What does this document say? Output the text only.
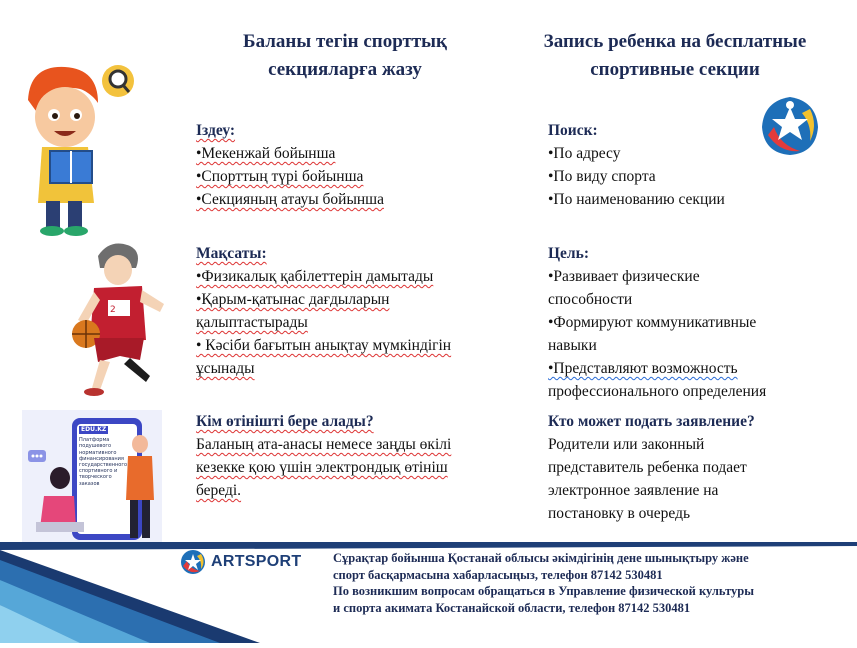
Баланы тегін спорттық
секцияларға жазу
Запись ребенка на бесплатные
спортивные секции
2
EDU.KZ
Платформа
подушевого
нормативного
финансирования
государственного
спортивного и
творческого
заказов
Іздеу:
•Мекенжай бойынша
•Спорттың түрі бойынша
•Секцияның атауы бойынша
Поиск:
•По адресу
•По виду спорта
•По наименованию секции
Мақсаты:
•Физикалық қабілеттерін дамытады
•Қарым-қатынас дағдыларын
қалыптастырады
• Кәсіби бағытын анықтау мүмкіндігін
ұсынады
Цель:
•Развивает физические
способности
•Формируют коммуникативные
навыки
•Представляют возможность
профессионального определения
Кім өтінішті бере алады?
Баланың ата-анасы немесе заңды өкілі
кезекке қою үшін электрондық өтініш
береді.
Кто может подать заявление?
Родители или законный
представитель ребенка подает
электронное заявление на
постановку в очередь
ARTSPORT	Сұрақтар бойынша Қостанай облысы әкімдігінің дене шынықтыру және
спорт басқармасына хабарласыңыз, телефон 87142 530481
По возникшим вопросам обращаться в Управление физической культуры
и спорта акимата Костанайской области, телефон 87142 530481
